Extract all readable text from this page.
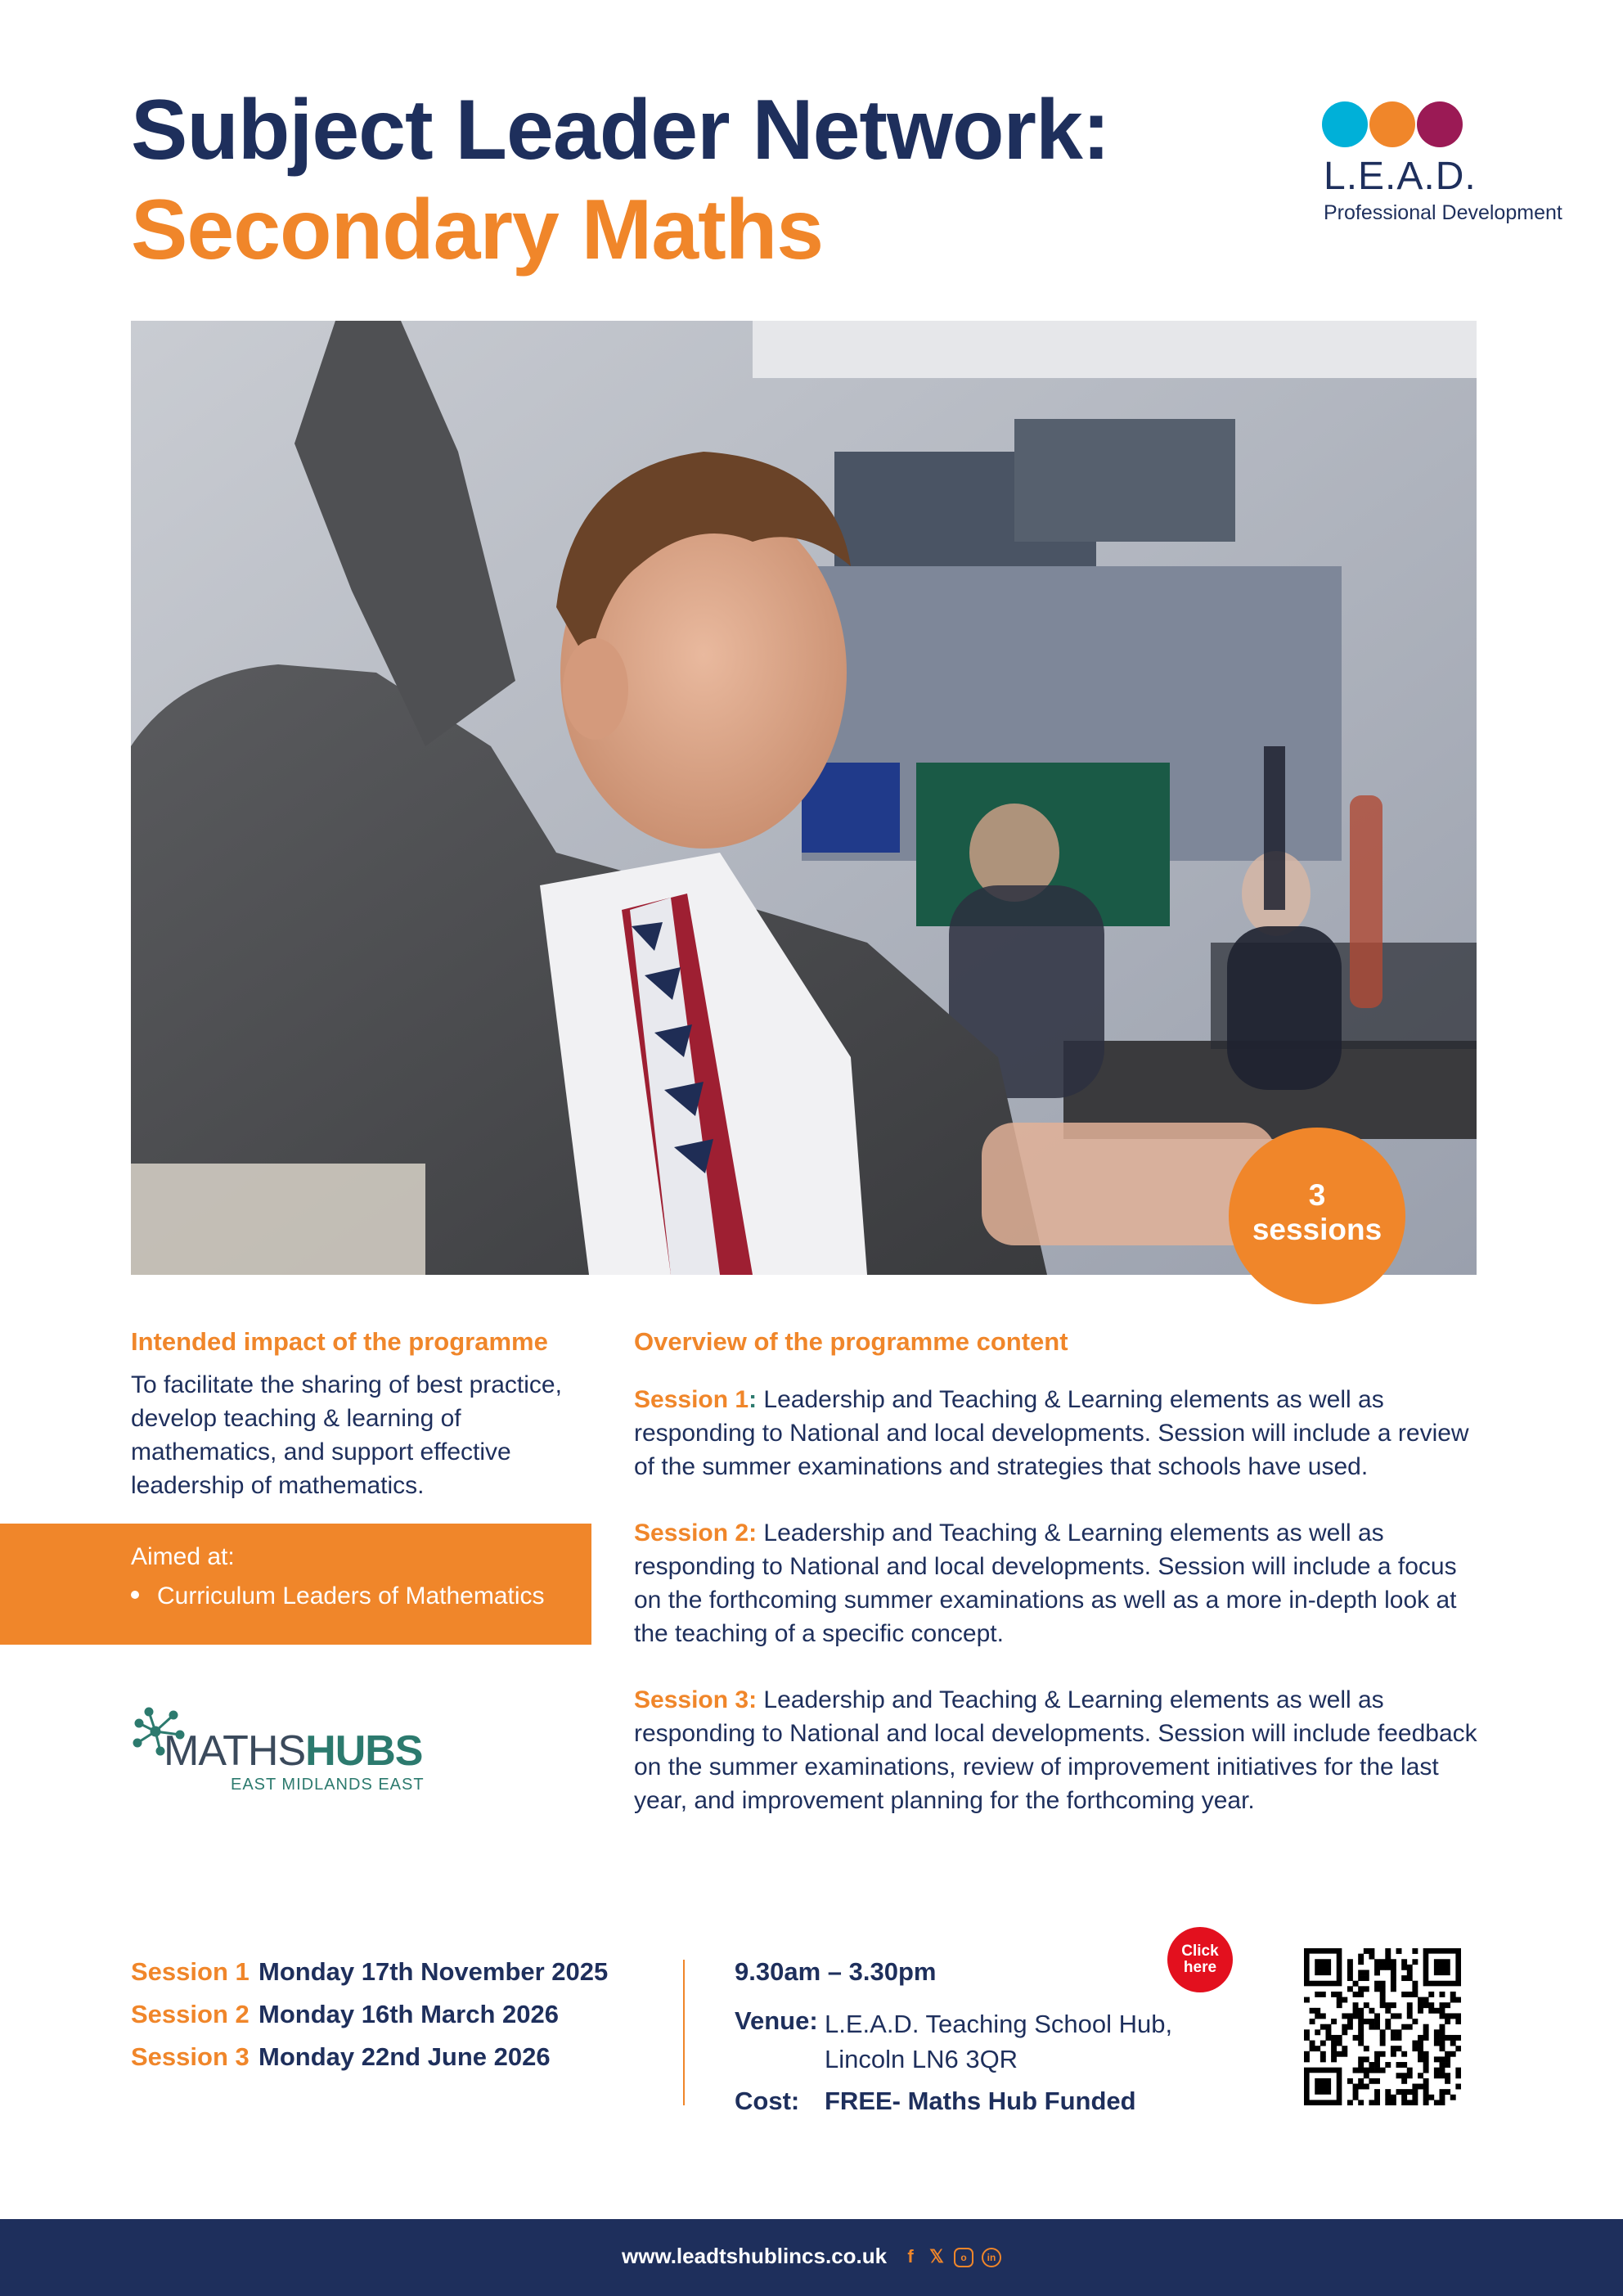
Subject Leader Network:
Secondary Maths
L.E.A.D.
Professional Development
3
sessions
Intended impact of the programme
To facilitate the sharing of best practice, develop teaching & learning of mathematics, and support effective leadership of mathematics.
Aimed at:
Curriculum Leaders of Mathematics
MATHSHUBS
EAST MIDLANDS EAST
Overview of the programme content
Session 1: Leadership and Teaching & Learning elements as well as responding to National and local developments. Session will include a review of the summer examinations and strategies that schools have used.
Session 2: Leadership and Teaching & Learning elements as well as responding to National and local developments. Session will include a focus on the forthcoming summer examinations as well as a more in-depth look at the teaching of a specific concept.
Session 3: Leadership and Teaching & Learning elements as well as responding to National and local developments. Session will include feedback on the summer examinations, review of improvement initiatives for the last year, and improvement planning for the forthcoming year.
Session 1 Monday 17th November 2025
Session 2 Monday 16th March 2026
Session 3 Monday 22nd June 2026
9.30am – 3.30pm
Venue: L.E.A.D. Teaching School Hub,
Lincoln LN6 3QR
Cost: FREE- Maths Hub Funded
Click
here
www.leadtshublincs.co.uk	f 𝕏	o	in
